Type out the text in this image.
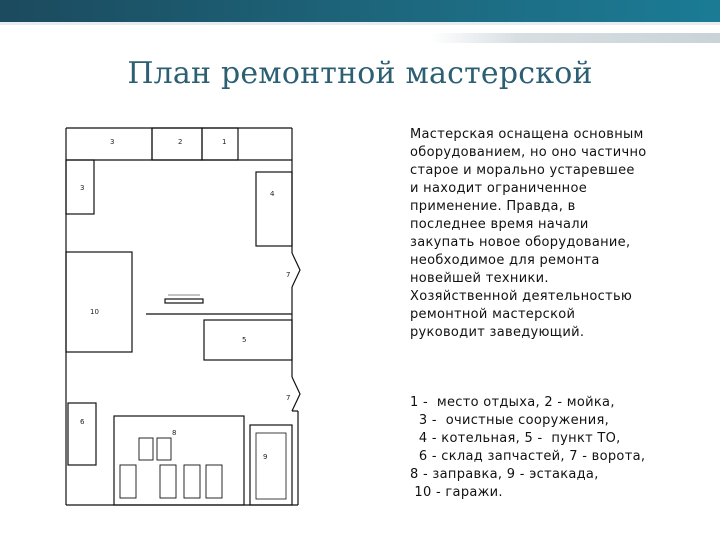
План ремонтной мастерской
3	2	1
3
4
7
10
5
7
6
8
9
Мастерская оснащена основным
оборудованием, но оно частично
старое и морально устаревшее
и находит ограниченное
применение. Правда, в
последнее время начали
закупать новое оборудование,
необходимое для ремонта
новейшей техники.
Хозяйственной деятельностью
ремонтной мастерской
руководит заведующий.
1 -  место отдыха, 2 - мойка,
3 -  очистные сооружения,
4 - котельная, 5 -  пункт ТО,
6 - склад запчастей, 7 - ворота,
8 - заправка, 9 - эстакада,
10 - гаражи.
